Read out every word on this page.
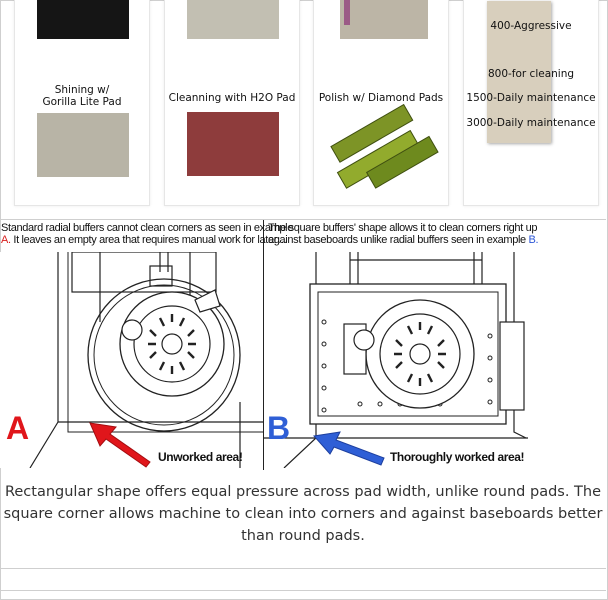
Shining w/
Gorilla Lite Pad	Cleanning with H2O Pad	Polish w/ Diamond Pads
400-Aggressive
800-for cleaning
1500-Daily maintenance
3000-Daily maintenance
Standard radial buffers cannot clean corners as seen in example
A. It leaves an empty area that requires manual work for later…
The square buffers' shape allows it to clean corners right up
against baseboards unlike radial buffers seen in example B.
A
Unworked area!
B
Thoroughly worked area!
Rectangular shape offers equal pressure across pad width, unlike round pads. The square corner allows machine to clean into corners and against baseboards better than round pads.
